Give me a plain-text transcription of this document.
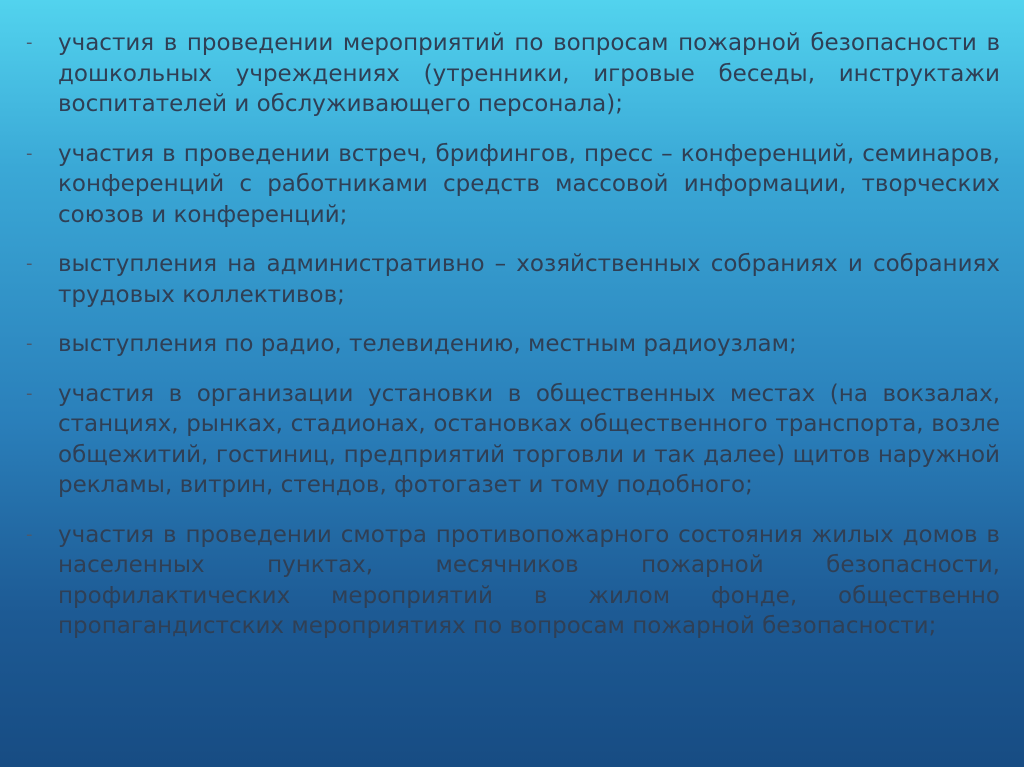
-	участия в проведении мероприятий по вопросам пожарной безопасности в дошкольных учреждениях (утренники, игровые беседы, инструктажи воспитателей и обслуживающего персонала);
-	участия в проведении встреч, брифингов, пресс – конференций, семинаров, конференций с работниками средств массовой информации, творческих союзов и конференций;
-	выступления на административно – хозяйственных собраниях и собраниях трудовых коллективов;
-	выступления по радио, телевидению, местным радиоузлам;
-	участия в организации установки в общественных местах (на вокзалах, станциях, рынках, стадионах, остановках общественного транспорта, возле общежитий, гостиниц, предприятий торговли и так далее) щитов наружной рекламы, витрин, стендов, фотогазет и тому подобного;
-	участия в проведении смотра противопожарного состояния жилых домов в населенных пунктах, месячников пожарной безопасности, профилактических мероприятий в жилом фонде, общественно пропагандистских мероприятиях по вопросам пожарной безопасности;
